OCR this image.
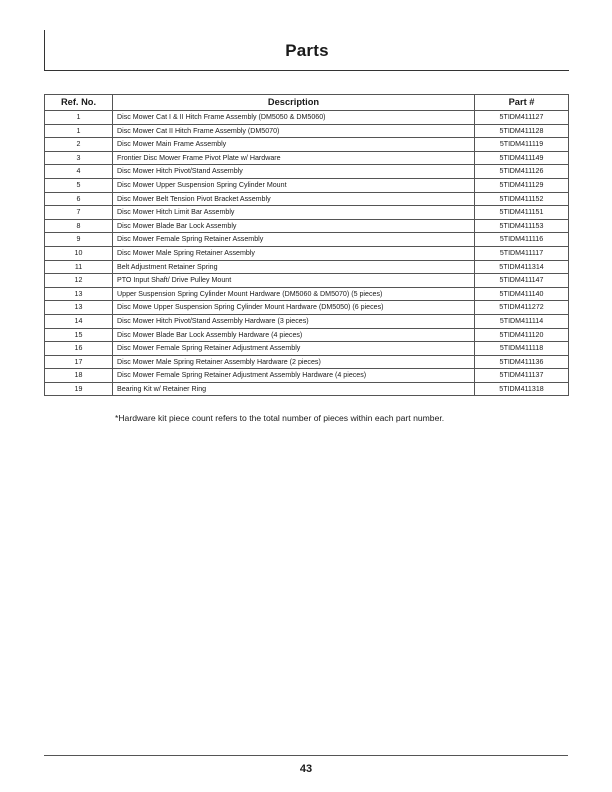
Parts
Ref. No.	Description	Part #
1	Disc Mower Cat I & II Hitch Frame Assembly (DM5050 & DM5060)	5TIDM411127
1	Disc Mower Cat II Hitch Frame Assembly (DM5070)	5TIDM411128
2	Disc Mower Main Frame Assembly	5TIDM411119
3	Frontier Disc Mower Frame Pivot Plate w/ Hardware	5TIDM411149
4	Disc Mower Hitch Pivot/Stand Assembly	5TIDM411126
5	Disc Mower Upper Suspension Spring Cylinder Mount	5TIDM411129
6	Disc Mower Belt Tension Pivot Bracket Assembly	5TIDM411152
7	Disc Mower Hitch Limit Bar Assembly	5TIDM411151
8	Disc Mower Blade Bar Lock Assembly	5TIDM411153
9	Disc Mower Female Spring Retainer Assembly	5TIDM411116
10	Disc Mower Male Spring Retainer Assembly	5TIDM411117
11	Belt Adjustment Retainer Spring	5TIDM411314
12	PTO Input Shaft/ Drive Pulley Mount	5TIDM411147
13	Upper Suspension Spring Cylinder Mount Hardware (DM5060 & DM5070) (5 pieces)	5TIDM411140
13	Disc Mowe Upper Suspension Spring Cylinder Mount Hardware (DM5050) (6 pieces)	5TIDM411272
14	Disc Mower Hitch Pivot/Stand Assembly Hardware (3 pieces)	5TIDM411114
15	Disc Mower Blade Bar Lock Assembly Hardware (4 pieces)	5TIDM411120
16	Disc Mower Female Spring Retainer Adjustment Assembly	5TIDM411118
17	Disc Mower Male Spring Retainer Assembly Hardware (2 pieces)	5TIDM411136
18	Disc Mower Female Spring Retainer Adjustment Assembly Hardware (4 pieces)	5TIDM411137
19	Bearing Kit w/ Retainer Ring	5TIDM411318
*Hardware kit piece count refers to the total number of pieces within each part number.
43
